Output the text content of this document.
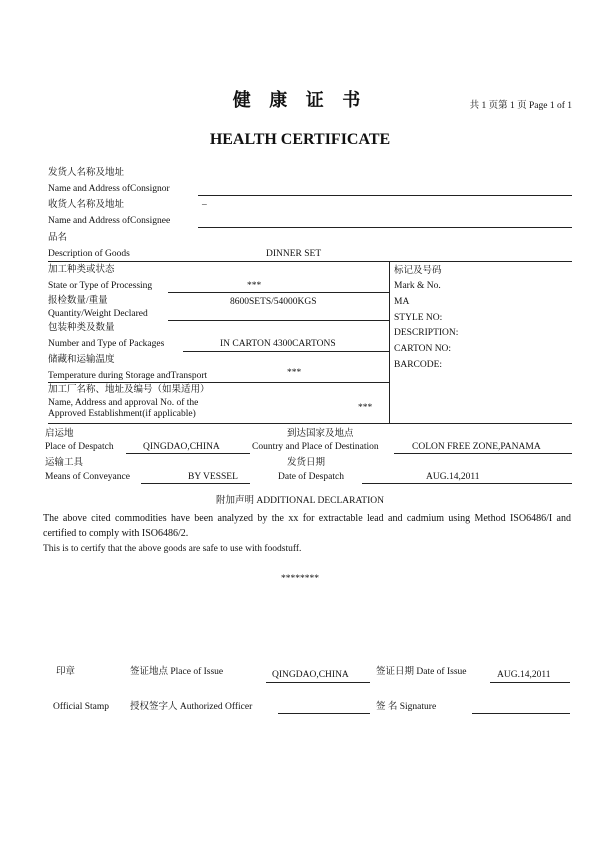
健 康 证 书	共 1 页第 1 页 Page 1 of 1
HEALTH CERTIFICATE
发货人名称及地址
Name and Address ofConsignor
收货人名称及地址	–
Name and Address ofConsignee
品名
Description of Goods	DINNER SET
加工种类或状态
State or Type of Processing	***
报检数量/重量	8600SETS/54000KGS
Quantity/Weight Declared
包装种类及数量
Number and Type of Packages	IN CARTON 4300CARTONS
储藏和运输温度
***
Temperature during Storage andTransport
加工厂名称、地址及编号（如果适用）
Name, Address and approval No. of the
Approved Establishment(if applicable)
***
标记及号码
Mark & No.
MA
STYLE NO:
DESCRIPTION:
CARTON NO:
BARCODE:
启运地	到达国家及地点
Place of Despatch	QINGDAO,CHINA	Country and Place of Destination	COLON FREE ZONE,PANAMA
运输工具	发货日期
Means of Conveyance	BY VESSEL	Date of Despatch	AUG.14,2011
附加声明 ADDITIONAL DECLARATION
The above cited commodities have been analyzed by the xx for extractable lead and cadmium using Method ISO6486/I and certified to comply with ISO6486/2.
This is to certify that the above goods are safe to use with foodstuff.
********
印章	签证地点 Place of Issue	QINGDAO,CHINA	签证日期 Date of Issue	AUG.14,2011
Official Stamp 授权签字人 Authorized Officer	签 名 Signature
